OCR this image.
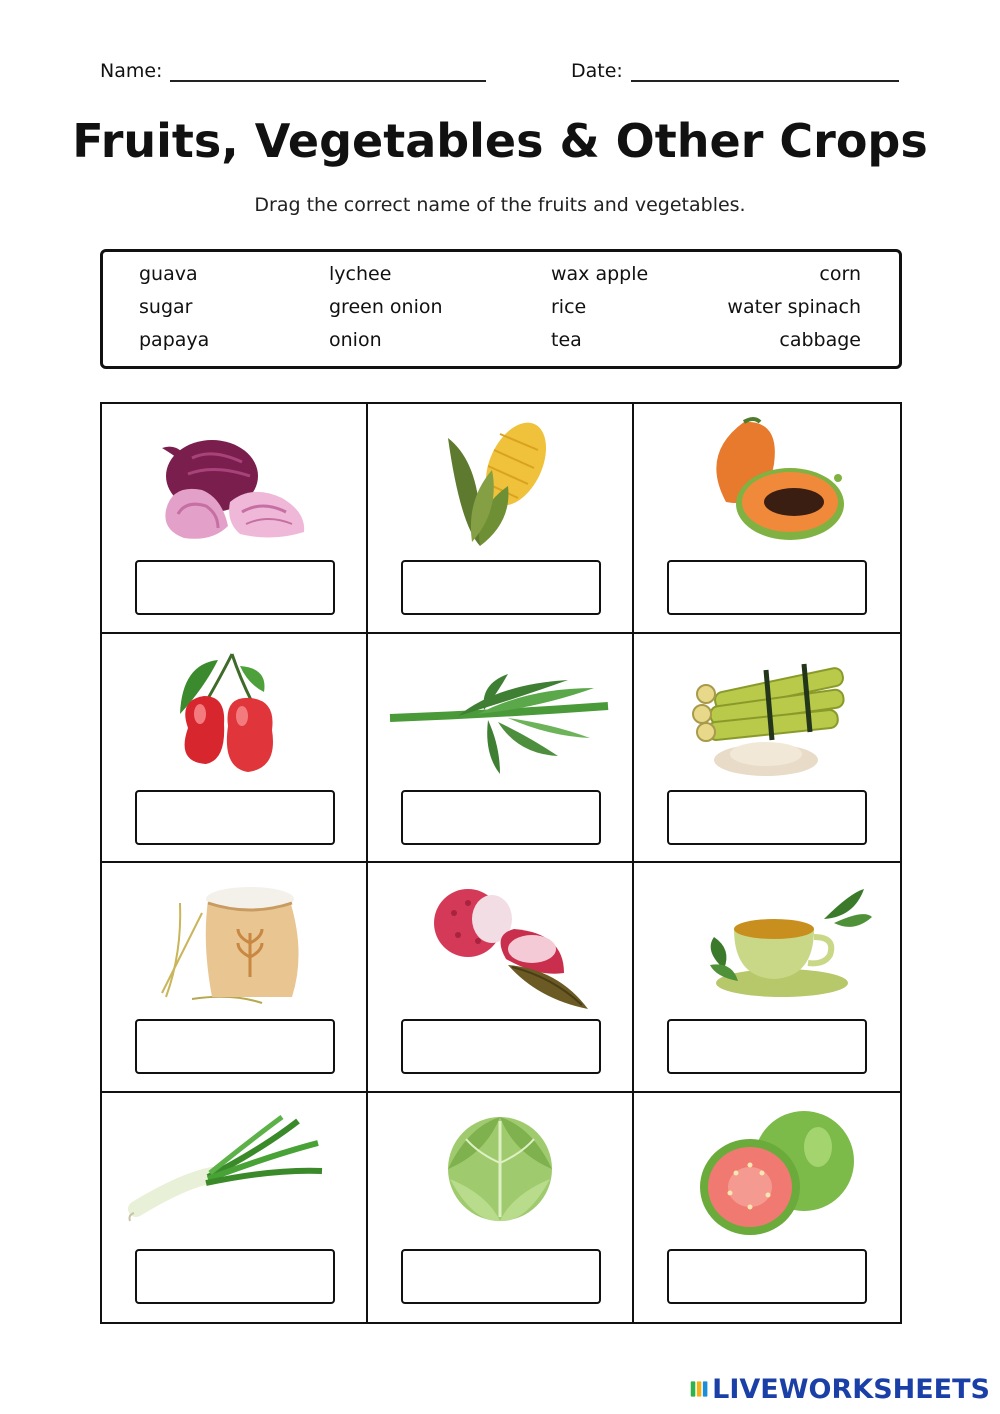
Name:	Date:
Fruits, Vegetables & Other Crops
Drag the correct name of the fruits and vegetables.
guava	lychee	wax apple	corn
sugar	green onion	rice	water spinach
papaya	onion	tea	cabbage
LIVEWORKSHEETS
